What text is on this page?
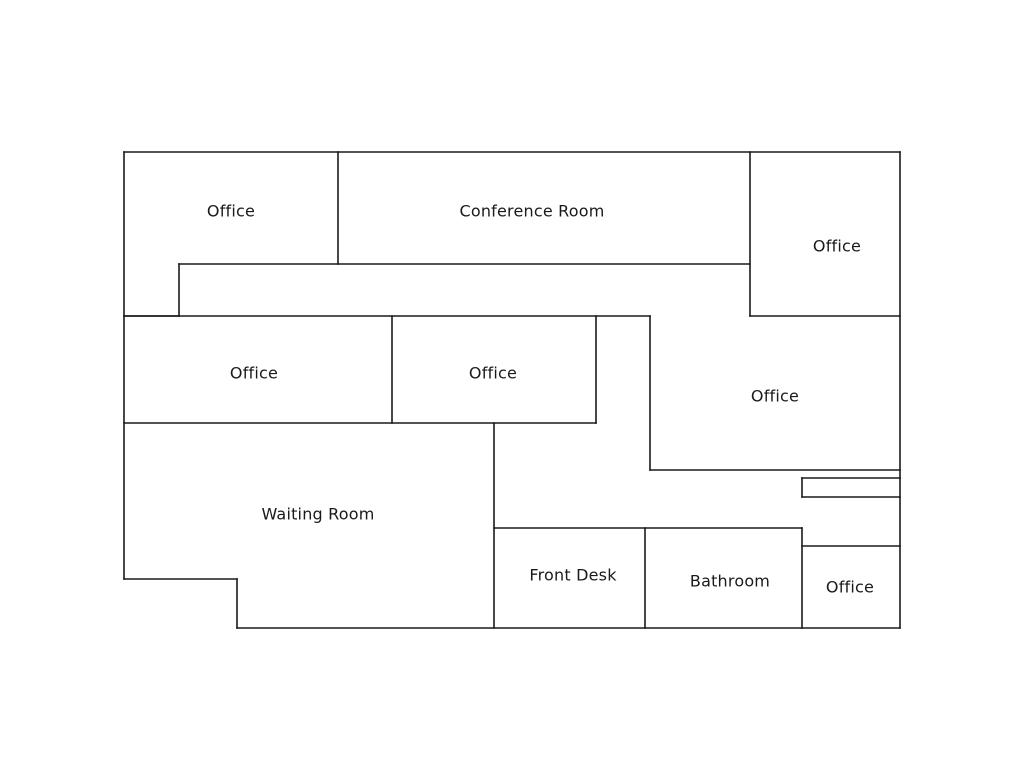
Office	Conference Room
Office
Office	Office
Office
Waiting Room
Front Desk	Bathroom	Office
